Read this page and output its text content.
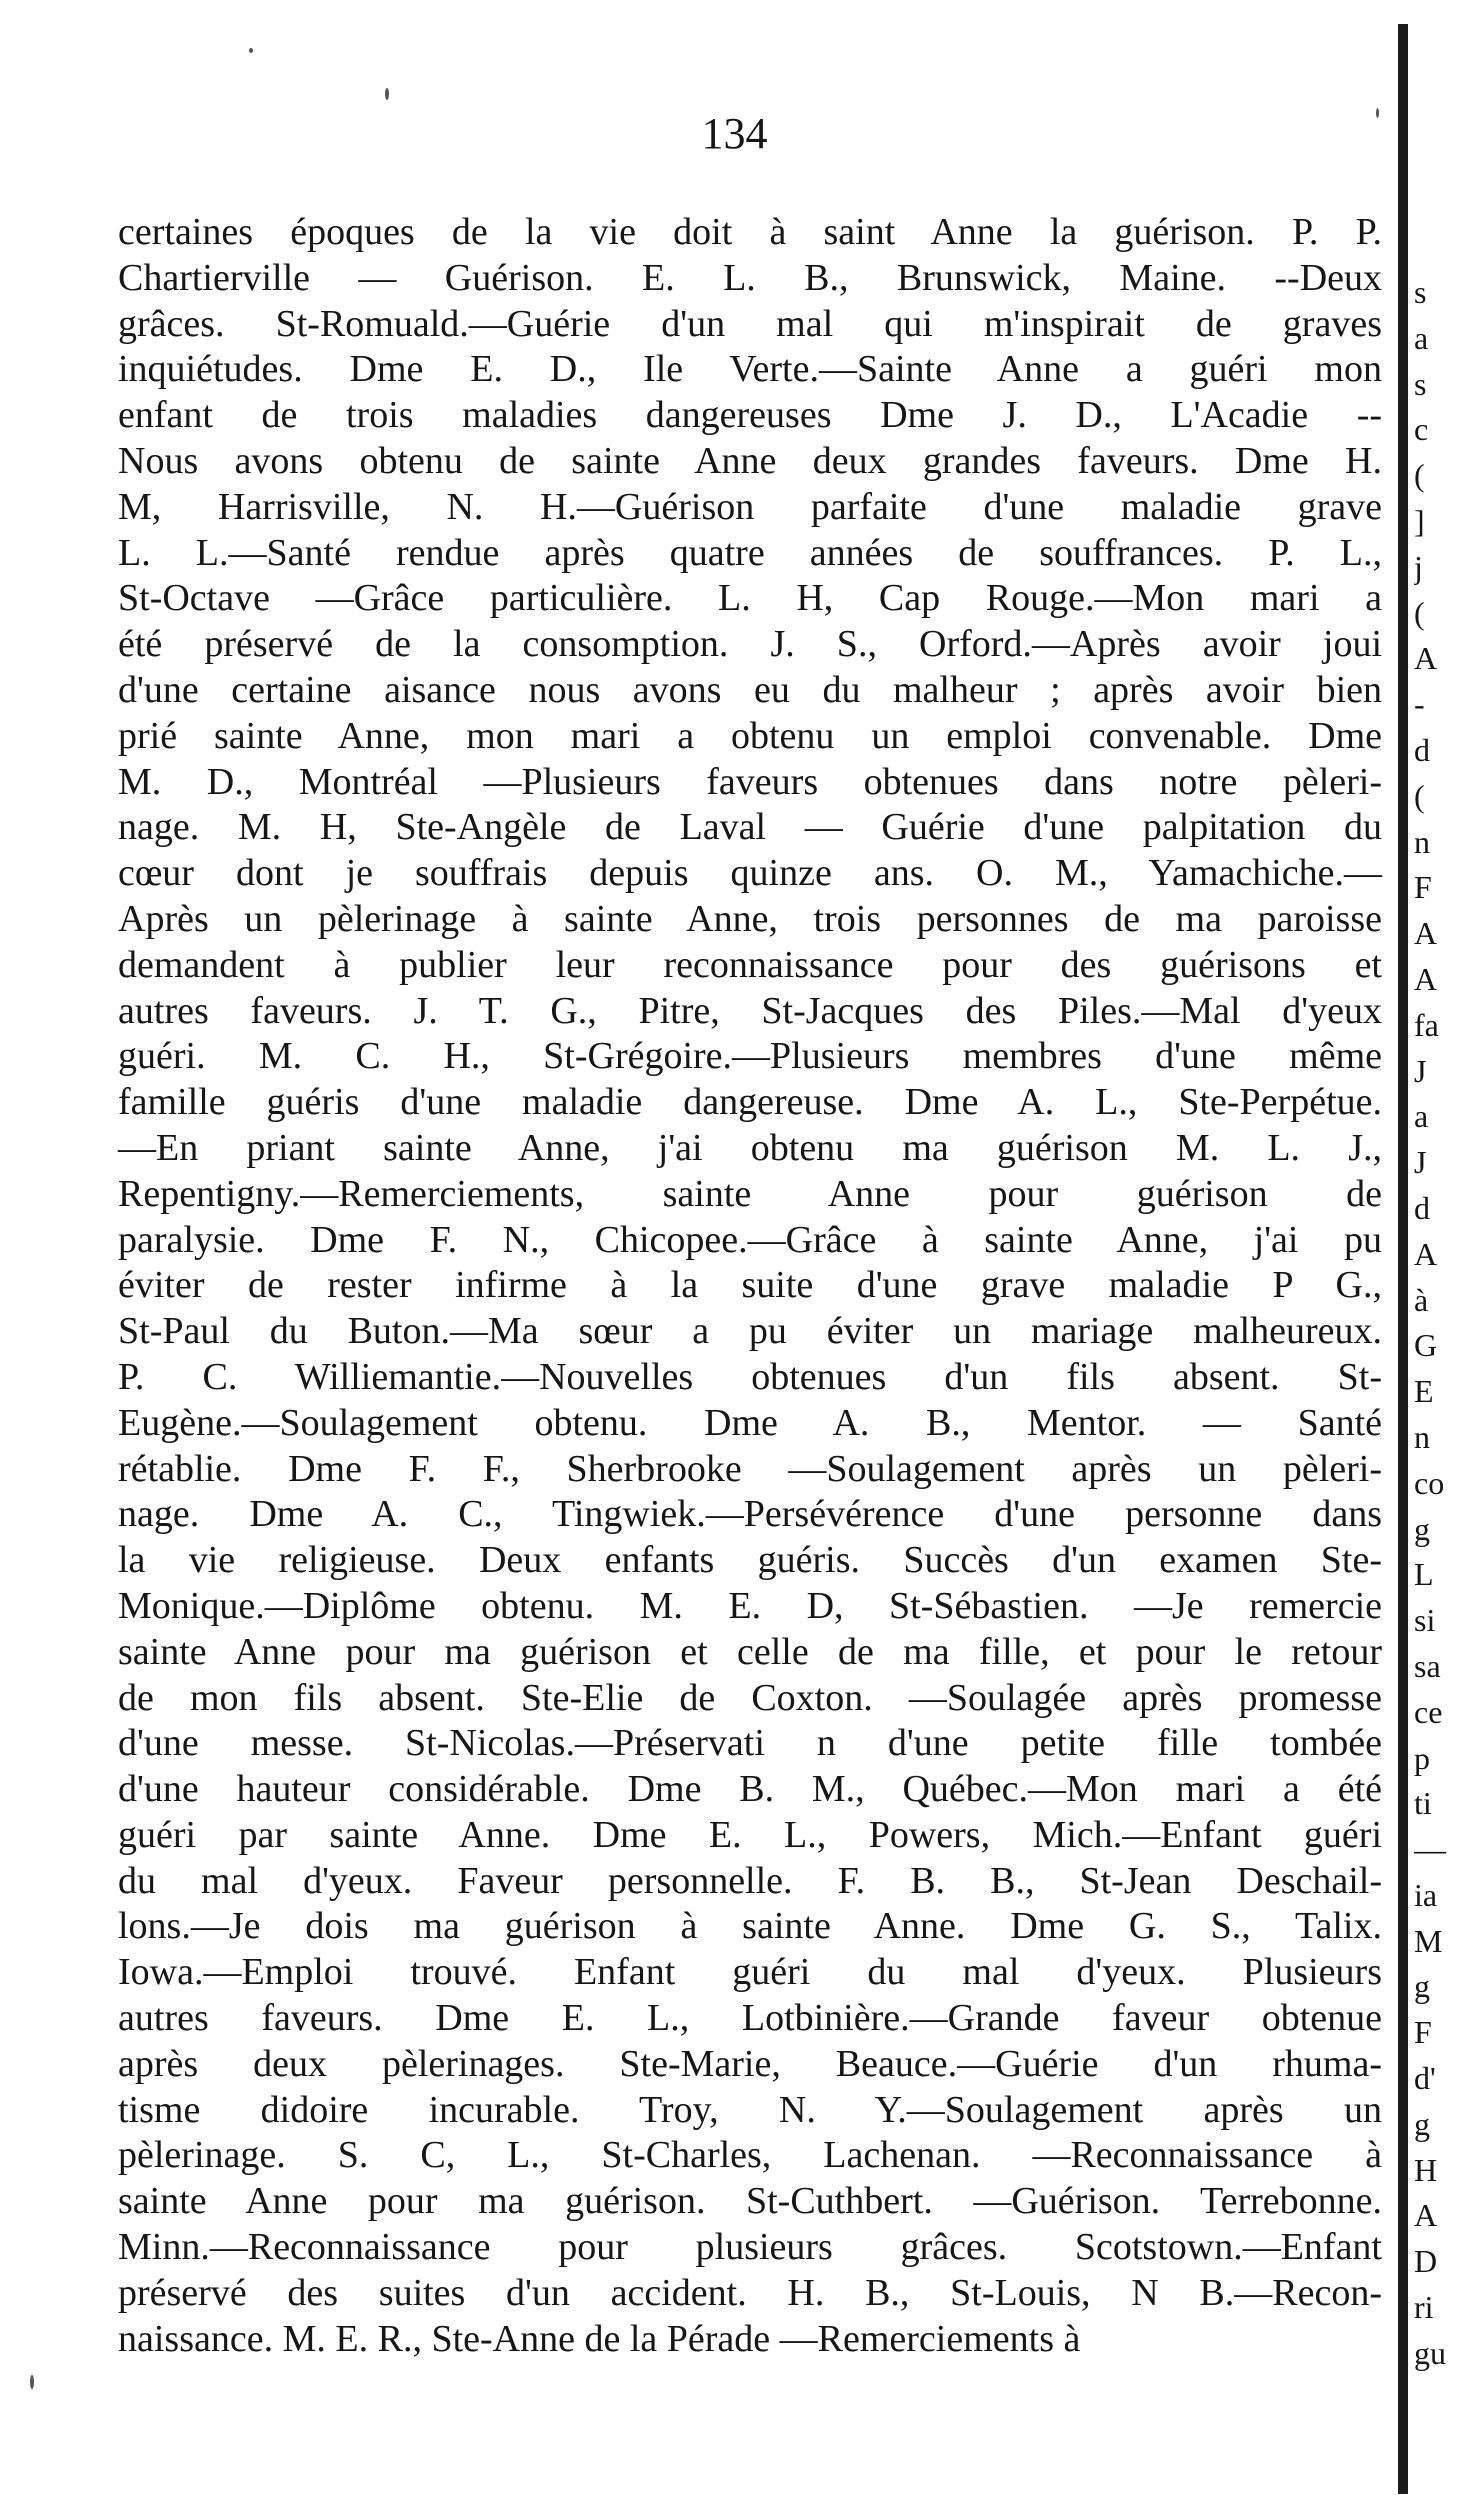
134
certaines époques de la vie doit à saint Anne la guérison. P. P.
Chartierville — Guérison. E. L. B., Brunswick, Maine. --Deux
grâces. St-Romuald.—Guérie d'un mal qui m'inspirait de graves
inquiétudes. Dme E. D., Ile Verte.—Sainte Anne a guéri mon
enfant de trois maladies dangereuses Dme J. D., L'Acadie --
Nous avons obtenu de sainte Anne deux grandes faveurs. Dme H.
M, Harrisville, N. H.—Guérison parfaite d'une maladie grave
L. L.—Santé rendue après quatre années de souffrances. P. L.,
St-Octave —Grâce particulière. L. H, Cap Rouge.—Mon mari a
été préservé de la consomption. J. S., Orford.—Après avoir joui
d'une certaine aisance nous avons eu du malheur ; après avoir bien
prié sainte Anne, mon mari a obtenu un emploi convenable. Dme
M. D., Montréal —Plusieurs faveurs obtenues dans notre pèleri-
nage. M. H, Ste-Angèle de Laval — Guérie d'une palpitation du
cœur dont je souffrais depuis quinze ans. O. M., Yamachiche.—
Après un pèlerinage à sainte Anne, trois personnes de ma paroisse
demandent à publier leur reconnaissance pour des guérisons et
autres faveurs. J. T. G., Pitre, St-Jacques des Piles.—Mal d'yeux
guéri. M. C. H., St-Grégoire.—Plusieurs membres d'une même
famille guéris d'une maladie dangereuse. Dme A. L., Ste-Perpétue.
—En priant sainte Anne, j'ai obtenu ma guérison M. L. J.,
Repentigny.—Remerciements, sainte Anne pour guérison de
paralysie. Dme F. N., Chicopee.—Grâce à sainte Anne, j'ai pu
éviter de rester infirme à la suite d'une grave maladie P G.,
St-Paul du Buton.—Ma sœur a pu éviter un mariage malheureux.
P. C. Williemantie.—Nouvelles obtenues d'un fils absent. St-
Eugène.—Soulagement obtenu. Dme A. B., Mentor. — Santé
rétablie. Dme F. F., Sherbrooke —Soulagement après un pèleri-
nage. Dme A. C., Tingwiek.—Persévérence d'une personne dans
la vie religieuse. Deux enfants guéris. Succès d'un examen Ste-
Monique.—Diplôme obtenu. M. E. D, St-Sébastien. —Je remercie
sainte Anne pour ma guérison et celle de ma fille, et pour le retour
de mon fils absent. Ste-Elie de Coxton. —Soulagée après promesse
d'une messe. St-Nicolas.—Préservati n d'une petite fille tombée
d'une hauteur considérable. Dme B. M., Québec.—Mon mari a été
guéri par sainte Anne. Dme E. L., Powers, Mich.—Enfant guéri
du mal d'yeux. Faveur personnelle. F. B. B., St-Jean Deschail-
lons.—Je dois ma guérison à sainte Anne. Dme G. S., Talix.
Iowa.—Emploi trouvé. Enfant guéri du mal d'yeux. Plusieurs
autres faveurs. Dme E. L., Lotbinière.—Grande faveur obtenue
après deux pèlerinages. Ste-Marie, Beauce.—Guérie d'un rhuma-
tisme didoire incurable. Troy, N. Y.—Soulagement après un
pèlerinage. S. C, L., St-Charles, Lachenan. —Reconnaissance à
sainte Anne pour ma guérison. St-Cuthbert. —Guérison. Terrebonne.
Minn.—Reconnaissance pour plusieurs grâces. Scotstown.—Enfant
préservé des suites d'un accident. H. B., St-Louis, N B.—Recon-
naissance. M. E. R., Ste-Anne de la Pérade —Remerciements à
s
a
s
c
(
]
j
(
A
-
d
(
n
F
A
A
fa
J
a
J
d
A
à
G
E
n
co
g
L
si
sa
ce
p
ti
—
ia
M
g
F
d'
g
H
A
D
ri
gu
